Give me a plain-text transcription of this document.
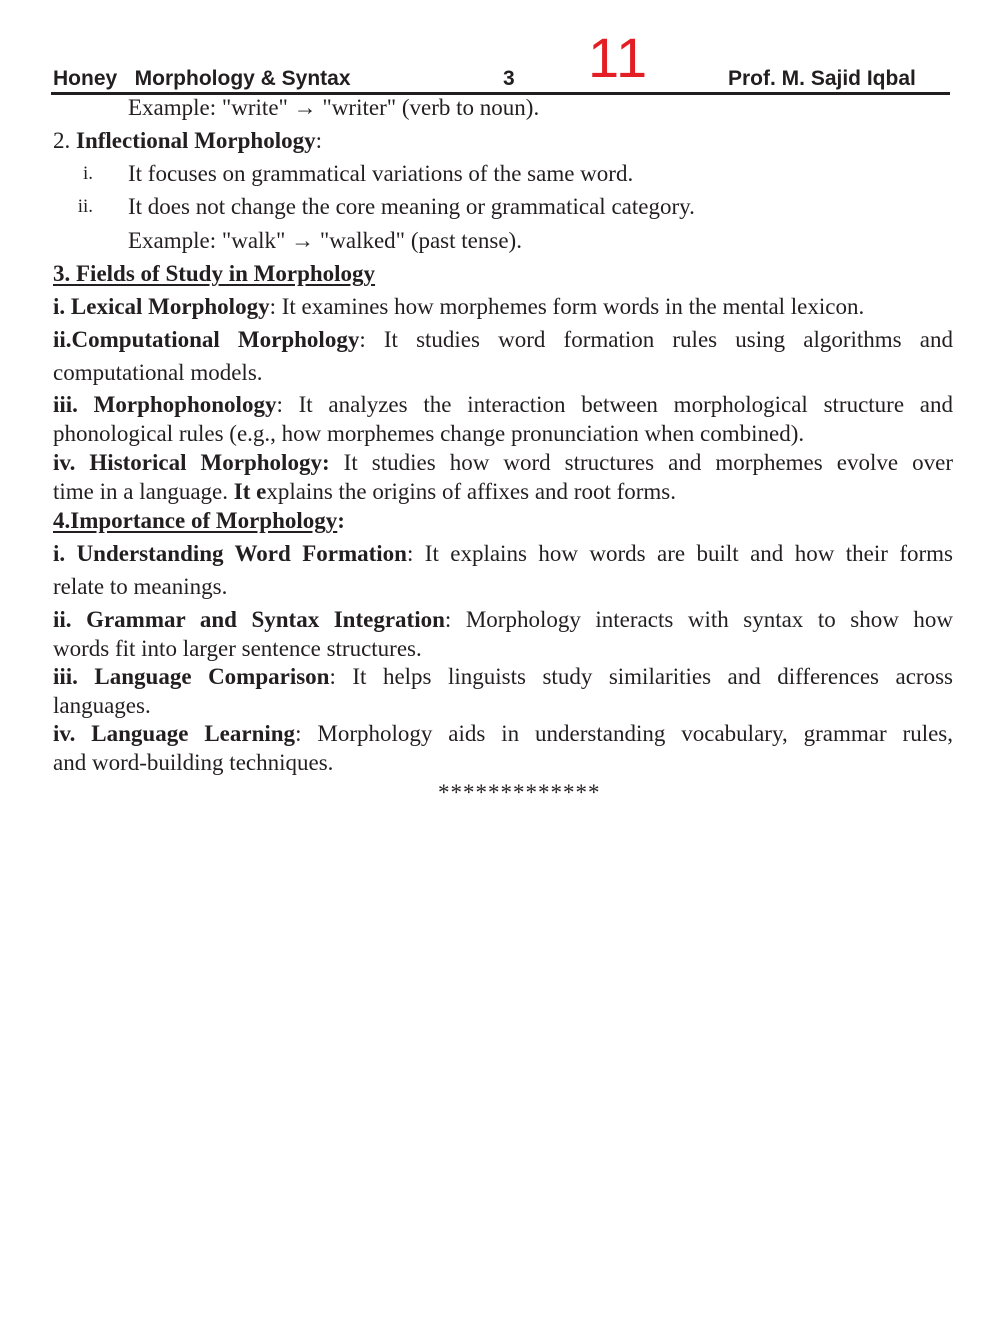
11
Honey   Morphology & Syntax	3	Prof. M. Sajid Iqbal
Example: "write" → "writer" (verb to noun).
2. Inflectional Morphology:
i. It focuses on grammatical variations of the same word.
ii. It does not change the core meaning or grammatical category.
Example: "walk" → "walked" (past tense).
3. Fields of Study in Morphology
i. Lexical Morphology: It examines how morphemes form words in the mental lexicon.
ii.Computational Morphology: It studies word formation rules using algorithms and
computational models.
iii. Morphophonology: It analyzes the interaction between morphological structure and
phonological rules (e.g., how morphemes change pronunciation when combined).
iv. Historical Morphology: It studies how word structures and morphemes evolve over
time in a language. It explains the origins of affixes and root forms.
4.Importance of Morphology:
i. Understanding Word Formation: It explains how words are built and how their forms
relate to meanings.
ii. Grammar and Syntax Integration: Morphology interacts with syntax to show how
words fit into larger sentence structures.
iii. Language Comparison: It helps linguists study similarities and differences across
languages.
iv. Language Learning: Morphology aids in understanding vocabulary, grammar rules,
and word-building techniques.
*************
